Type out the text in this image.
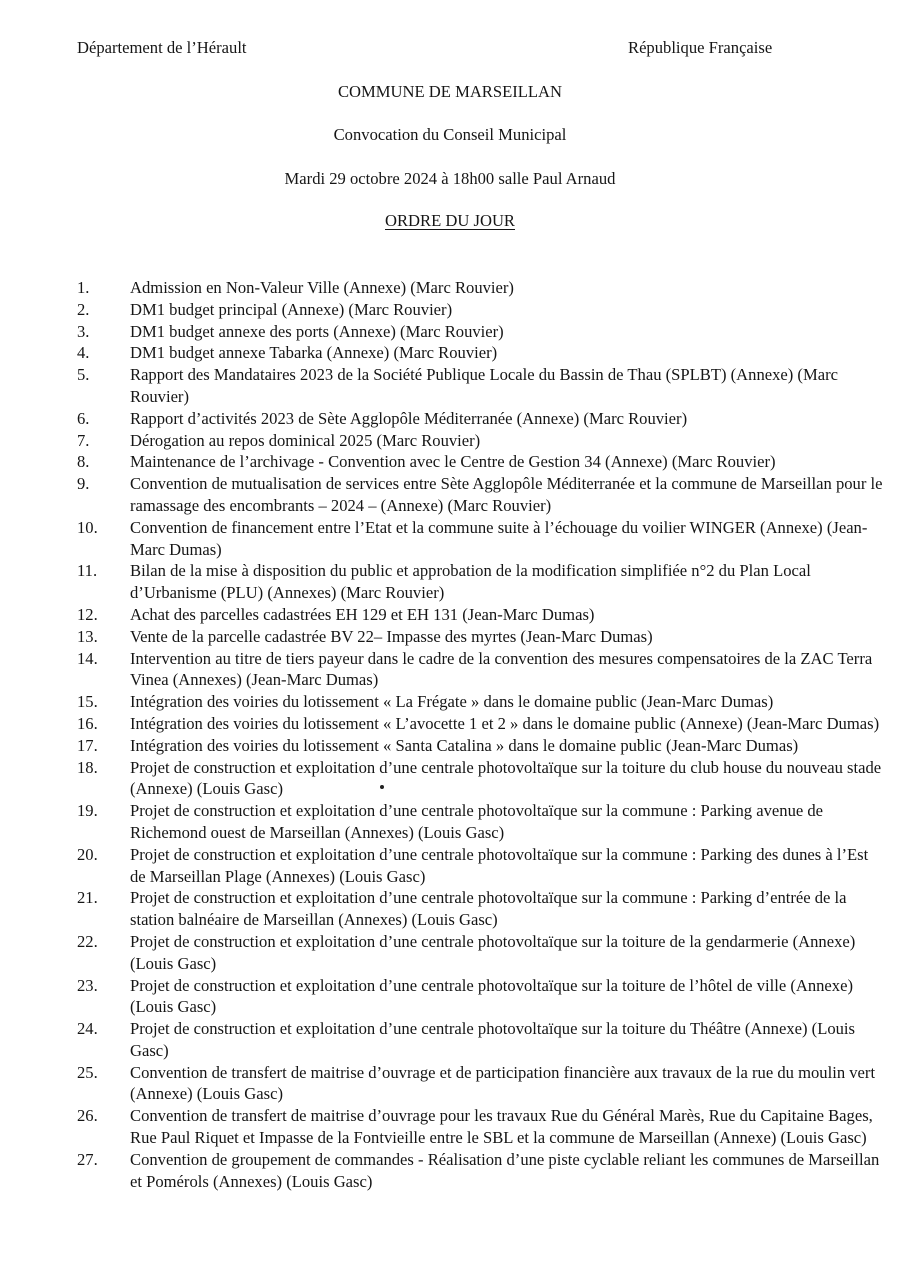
Département de l’Hérault	République Française
COMMUNE DE MARSEILLAN
Convocation du Conseil Municipal
Mardi 29 octobre 2024 à 18h00 salle Paul Arnaud
ORDRE DU JOUR
1.	Admission en Non-Valeur Ville (Annexe) (Marc Rouvier)
2.	DM1 budget principal (Annexe) (Marc Rouvier)
3.	DM1 budget annexe des ports (Annexe) (Marc Rouvier)
4.	DM1 budget annexe Tabarka (Annexe) (Marc Rouvier)
5.	Rapport des Mandataires 2023 de la Société Publique Locale du Bassin de Thau (SPLBT) (Annexe) (Marc Rouvier)
6.	Rapport d’activités 2023 de Sète Agglopôle Méditerranée (Annexe) (Marc Rouvier)
7.	Dérogation au repos dominical 2025 (Marc Rouvier)
8.	Maintenance de l’archivage - Convention avec le Centre de Gestion 34 (Annexe) (Marc Rouvier)
9.	Convention de mutualisation de services entre Sète Agglopôle Méditerranée et la commune de Marseillan pour le ramassage des encombrants – 2024 – (Annexe) (Marc Rouvier)
10.	Convention de financement entre l’Etat et la commune suite à l’échouage du voilier WINGER (Annexe) (Jean-Marc Dumas)
11.	Bilan de la mise à disposition du public et approbation de la modification simplifiée n°2 du Plan Local d’Urbanisme (PLU) (Annexes) (Marc Rouvier)
12.	Achat des parcelles cadastrées EH 129 et EH 131 (Jean-Marc Dumas)
13.	Vente de la parcelle cadastrée BV 22– Impasse des myrtes (Jean-Marc Dumas)
14.	Intervention au titre de tiers payeur dans le cadre de la convention des mesures compensatoires de la ZAC Terra Vinea (Annexes) (Jean-Marc Dumas)
15.	Intégration des voiries du lotissement « La Frégate » dans le domaine public (Jean-Marc Dumas)
16.	Intégration des voiries du lotissement « L’avocette 1 et 2 » dans le domaine public (Annexe) (Jean-Marc Dumas)
17.	Intégration des voiries du lotissement « Santa Catalina » dans le domaine public (Jean-Marc Dumas)
18.	Projet de construction et exploitation d’une centrale photovoltaïque sur la toiture du club house du nouveau stade (Annexe) (Louis Gasc)
19.	Projet de construction et exploitation d’une centrale photovoltaïque sur la commune : Parking avenue de Richemond ouest de Marseillan (Annexes) (Louis Gasc)
20.	Projet de construction et exploitation d’une centrale photovoltaïque sur la commune : Parking des dunes à l’Est de Marseillan Plage (Annexes) (Louis Gasc)
21.	Projet de construction et exploitation d’une centrale photovoltaïque sur la commune : Parking d’entrée de la station balnéaire de Marseillan (Annexes) (Louis Gasc)
22.	Projet de construction et exploitation d’une centrale photovoltaïque sur la toiture de la gendarmerie (Annexe) (Louis Gasc)
23.	Projet de construction et exploitation d’une centrale photovoltaïque sur la toiture de l’hôtel de ville (Annexe) (Louis Gasc)
24.	Projet de construction et exploitation d’une centrale photovoltaïque sur la toiture du Théâtre (Annexe) (Louis Gasc)
25.	Convention de transfert de maitrise d’ouvrage et de participation financière aux travaux de la rue du moulin vert (Annexe) (Louis Gasc)
26.	Convention de transfert de maitrise d’ouvrage pour les travaux Rue du Général Marès, Rue du Capitaine Bages, Rue Paul Riquet et Impasse de la Fontvieille entre le SBL et la commune de Marseillan (Annexe) (Louis Gasc)
27.	Convention de groupement de commandes - Réalisation d’une piste cyclable reliant les communes de Marseillan et Pomérols (Annexes) (Louis Gasc)
